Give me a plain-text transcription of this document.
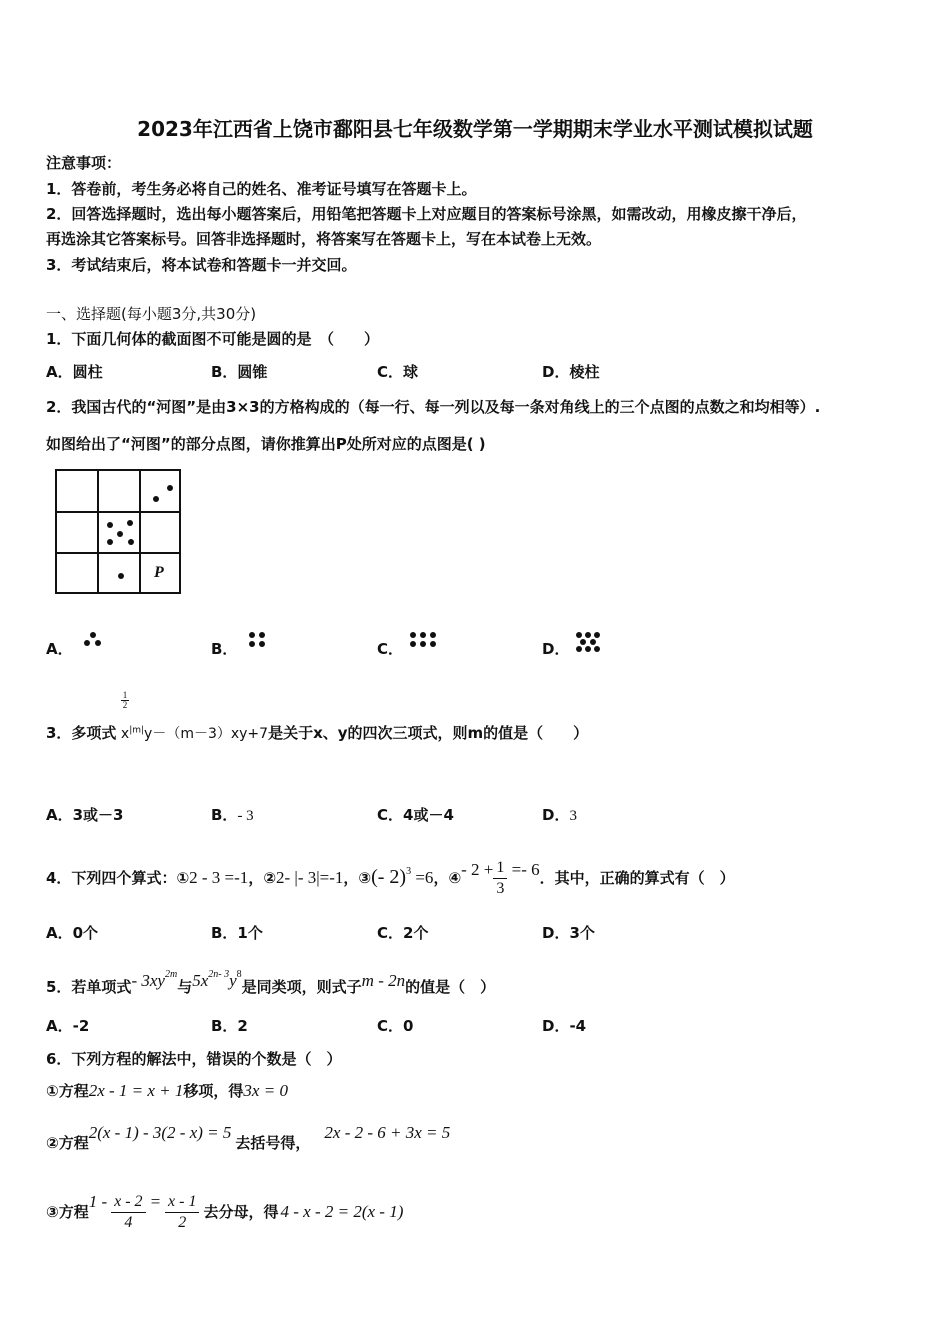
2023年江西省上饶市鄱阳县七年级数学第一学期期末学业水平测试模拟试题
注意事项：
1．答卷前，考生务必将自己的姓名、准考证号填写在答题卡上。
2．回答选择题时，选出每小题答案后，用铅笔把答题卡上对应题目的答案标号涂黑，如需改动，用橡皮擦干净后，
再选涂其它答案标号。回答非选择题时，将答案写在答题卡上，写在本试卷上无效。
3．考试结束后，将本试卷和答题卡一并交回。
一、选择题(每小题3分,共30分)
1．下面几何体的截面图不可能是圆的是　（　　）
A．圆柱	B．圆锥	C．球	D．棱柱
2．我国古代的“河图”是由3×3的方格构成的（每一行、每一列以及每一条对角线上的三个点图的点数之和均相等）.
如图给出了“河图”的部分点图，请你推算出P处所对应的点图是( )
P
A．	B．	C．	D．
1
2
3．多项式 $x^{|m|}y-(m-3)xy+7$是关于x、y的四次三项式，则m的值是（　　）
A．3或－3	B．- 3	C．4或－4	D．3
4．下列四个算式：①2 - 3 =-1，②2- |- 3|=-1，③(- 2)$^3$ =6，④- $2 + \frac{1}{3} =- 6$．其中，正确的算式有（　）
A．0个	B．1个	C．2个	D．3个
5．若单项式- $3xy^{2m}$与$5x^{2n- 3}y^8$是同类项，则式子m - 2n的值是（　）
A．-2	B．2	C．0	D．-4
6．下列方程的解法中，错误的个数是（　）
①方程2x - 1 = x + 1移项，得3x = 0
②方程2(x - 1) - 3(2 - x) = 5去括号得，2x - 2 - 6 + 3x = 5
③方程$1 - \frac{x - 2}{4} = \frac{x - 1}{2}$ 去分母，得 4 - x - 2 = 2(x - 1)
